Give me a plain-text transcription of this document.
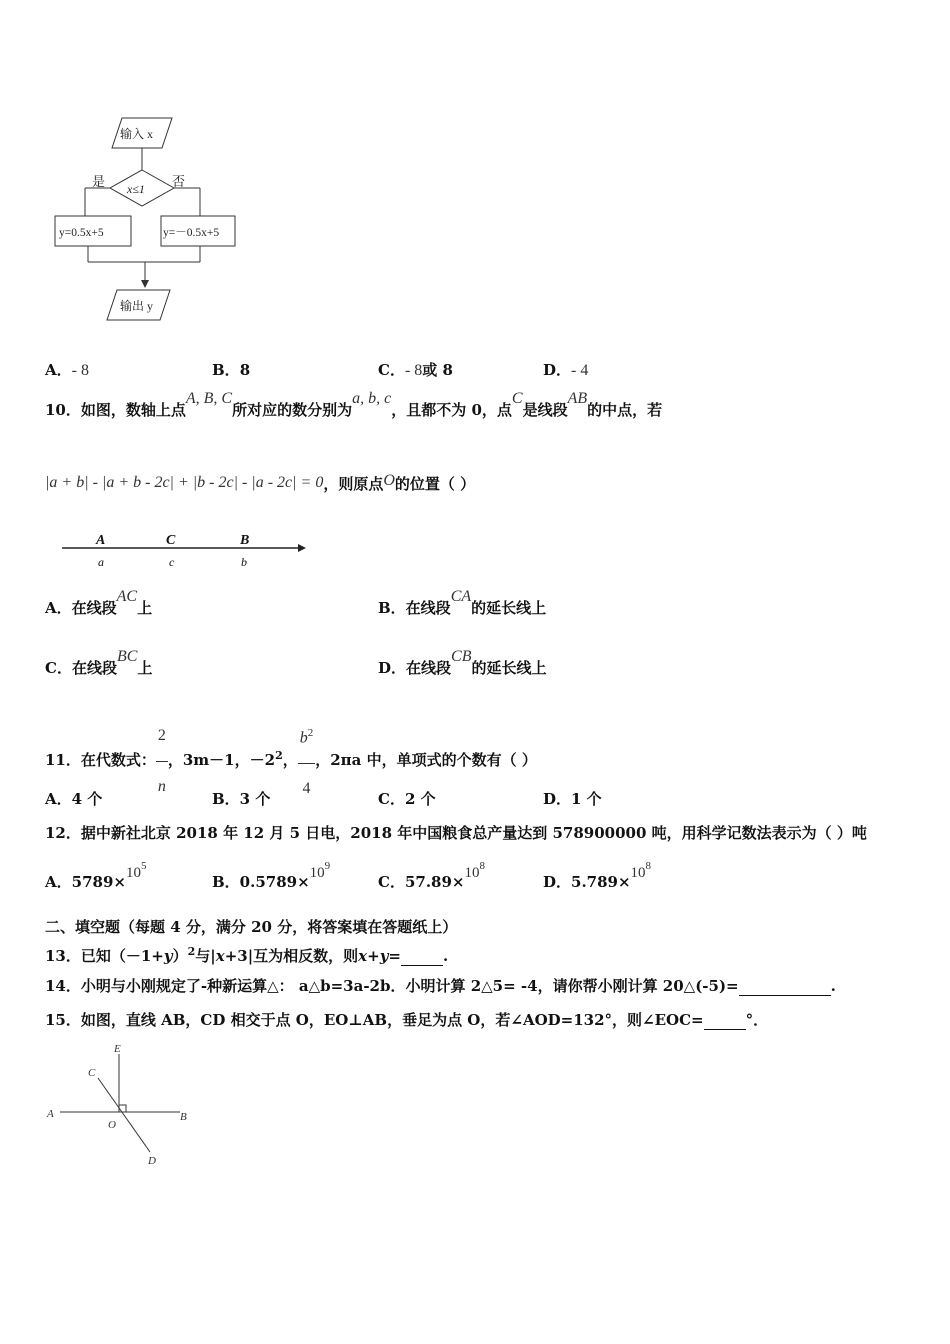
输入 x
x≤1
是	否
y=0.5x+5	y=－0.5x+5
输出 y
A．- 8	B．8	C．- 8或 8	D．- 4
10．如图，数轴上点A, B, C所对应的数分别为a, b, c，且都不为 0，点C是线段AB的中点，若
|a + b| - |a + b - 2c| + |b - 2c| - |a - 2c| = 0，则原点O的位置（ ）
A	C	B
a	c	b
A．在线段AC上	B．在线段CA的延长线上
C．在线段BC上	D．在线段CB的延长线上
11．在代数式： $\frac{2}{n}$ ，3m－1，$-2^2$， $\frac{b^2}{4}$ ，2πa 中，单项式的个数有（ ）
A．4 个	B．3 个	C．2 个	D．1 个
12．据中新社北京 2018 年 12 月 5 日电，2018 年中国粮食总产量达到 578900000 吨，用科学记数法表示为（ ）吨
A．$5789\times 10^5$
B．$0.5789\times 10^9$
C．$57.89\times 10^8$
D．$5.789\times 10^8$
二、填空题（每题 4 分，满分 20 分，将答案填在答题纸上）
13．已知$(-1+y)^2$与|x+3|互为相反数，则x+y=	.
14．小明与小刚规定了-种新运算△： a△b=3a-2b．小明计算 2△5= -4，请你帮小刚计算 20△(-5)=	.
15．如图，直线 AB，CD 相交于点 O，EO⊥AB，垂足为点 O，若∠AOD=132°，则∠EOC=	°．
A	B
C
D
E
O
